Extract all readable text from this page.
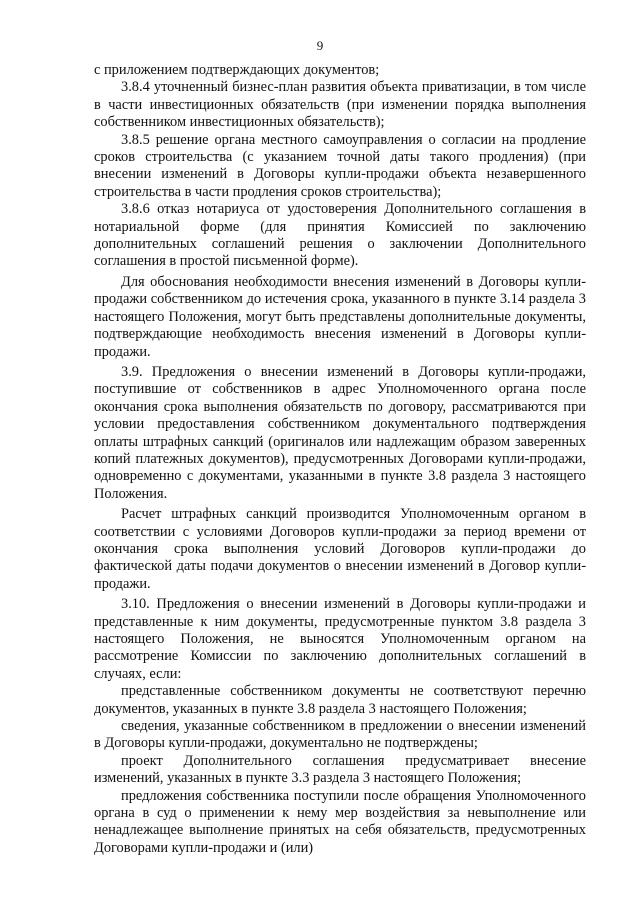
9

с приложением подтверждающих документов;

3.8.4 уточненный бизнес-план развития объекта приватизации, в том числе в части инвестиционных обязательств (при изменении порядка выполнения собственником инвестиционных обязательств);

3.8.5 решение органа местного самоуправления о согласии на продление сроков строительства (с указанием точной даты такого продления) (при внесении изменений в Договоры купли-продажи объекта незавершенного строительства в части продления сроков строительства);

3.8.6 отказ нотариуса от удостоверения Дополнительного соглашения в нотариальной форме (для принятия Комиссией по заключению дополнительных соглашений решения о заключении Дополнительного соглашения в простой письменной форме).

Для обоснования необходимости внесения изменений в Договоры купли-продажи собственником до истечения срока, указанного в пункте 3.14 раздела 3 настоящего Положения, могут быть представлены дополнительные документы, подтверждающие необходимость внесения изменений в Договоры купли-продажи.

3.9. Предложения о внесении изменений в Договоры купли-продажи, поступившие от собственников в адрес Уполномоченного органа после окончания срока выполнения обязательств по договору, рассматриваются при условии предоставления собственником документального подтверждения оплаты штрафных санкций (оригиналов или надлежащим образом заверенных копий платежных документов), предусмотренных Договорами купли-продажи, одновременно с документами, указанными в пункте 3.8 раздела 3 настоящего Положения.

Расчет штрафных санкций производится Уполномоченным органом в соответствии с условиями Договоров купли-продажи за период времени от окончания срока выполнения условий Договоров купли-продажи до фактической даты подачи документов о внесении изменений в Договор купли-продажи.

3.10. Предложения о внесении изменений в Договоры купли-продажи и представленные к ним документы, предусмотренные пунктом 3.8 раздела 3 настоящего Положения, не выносятся Уполномоченным органом на рассмотрение Комиссии по заключению дополнительных соглашений в случаях, если:

представленные собственником документы не соответствуют перечню документов, указанных в пункте 3.8 раздела 3 настоящего Положения;

сведения, указанные собственником в предложении о внесении изменений в Договоры купли-продажи, документально не подтверждены;

проект Дополнительного соглашения предусматривает внесение изменений, указанных в пункте 3.3 раздела 3 настоящего Положения;

предложения собственника поступили после обращения Уполномоченного органа в суд о применении к нему мер воздействия за невыполнение или ненадлежащее выполнение принятых на себя обязательств, предусмотренных Договорами купли-продажи и (или)
